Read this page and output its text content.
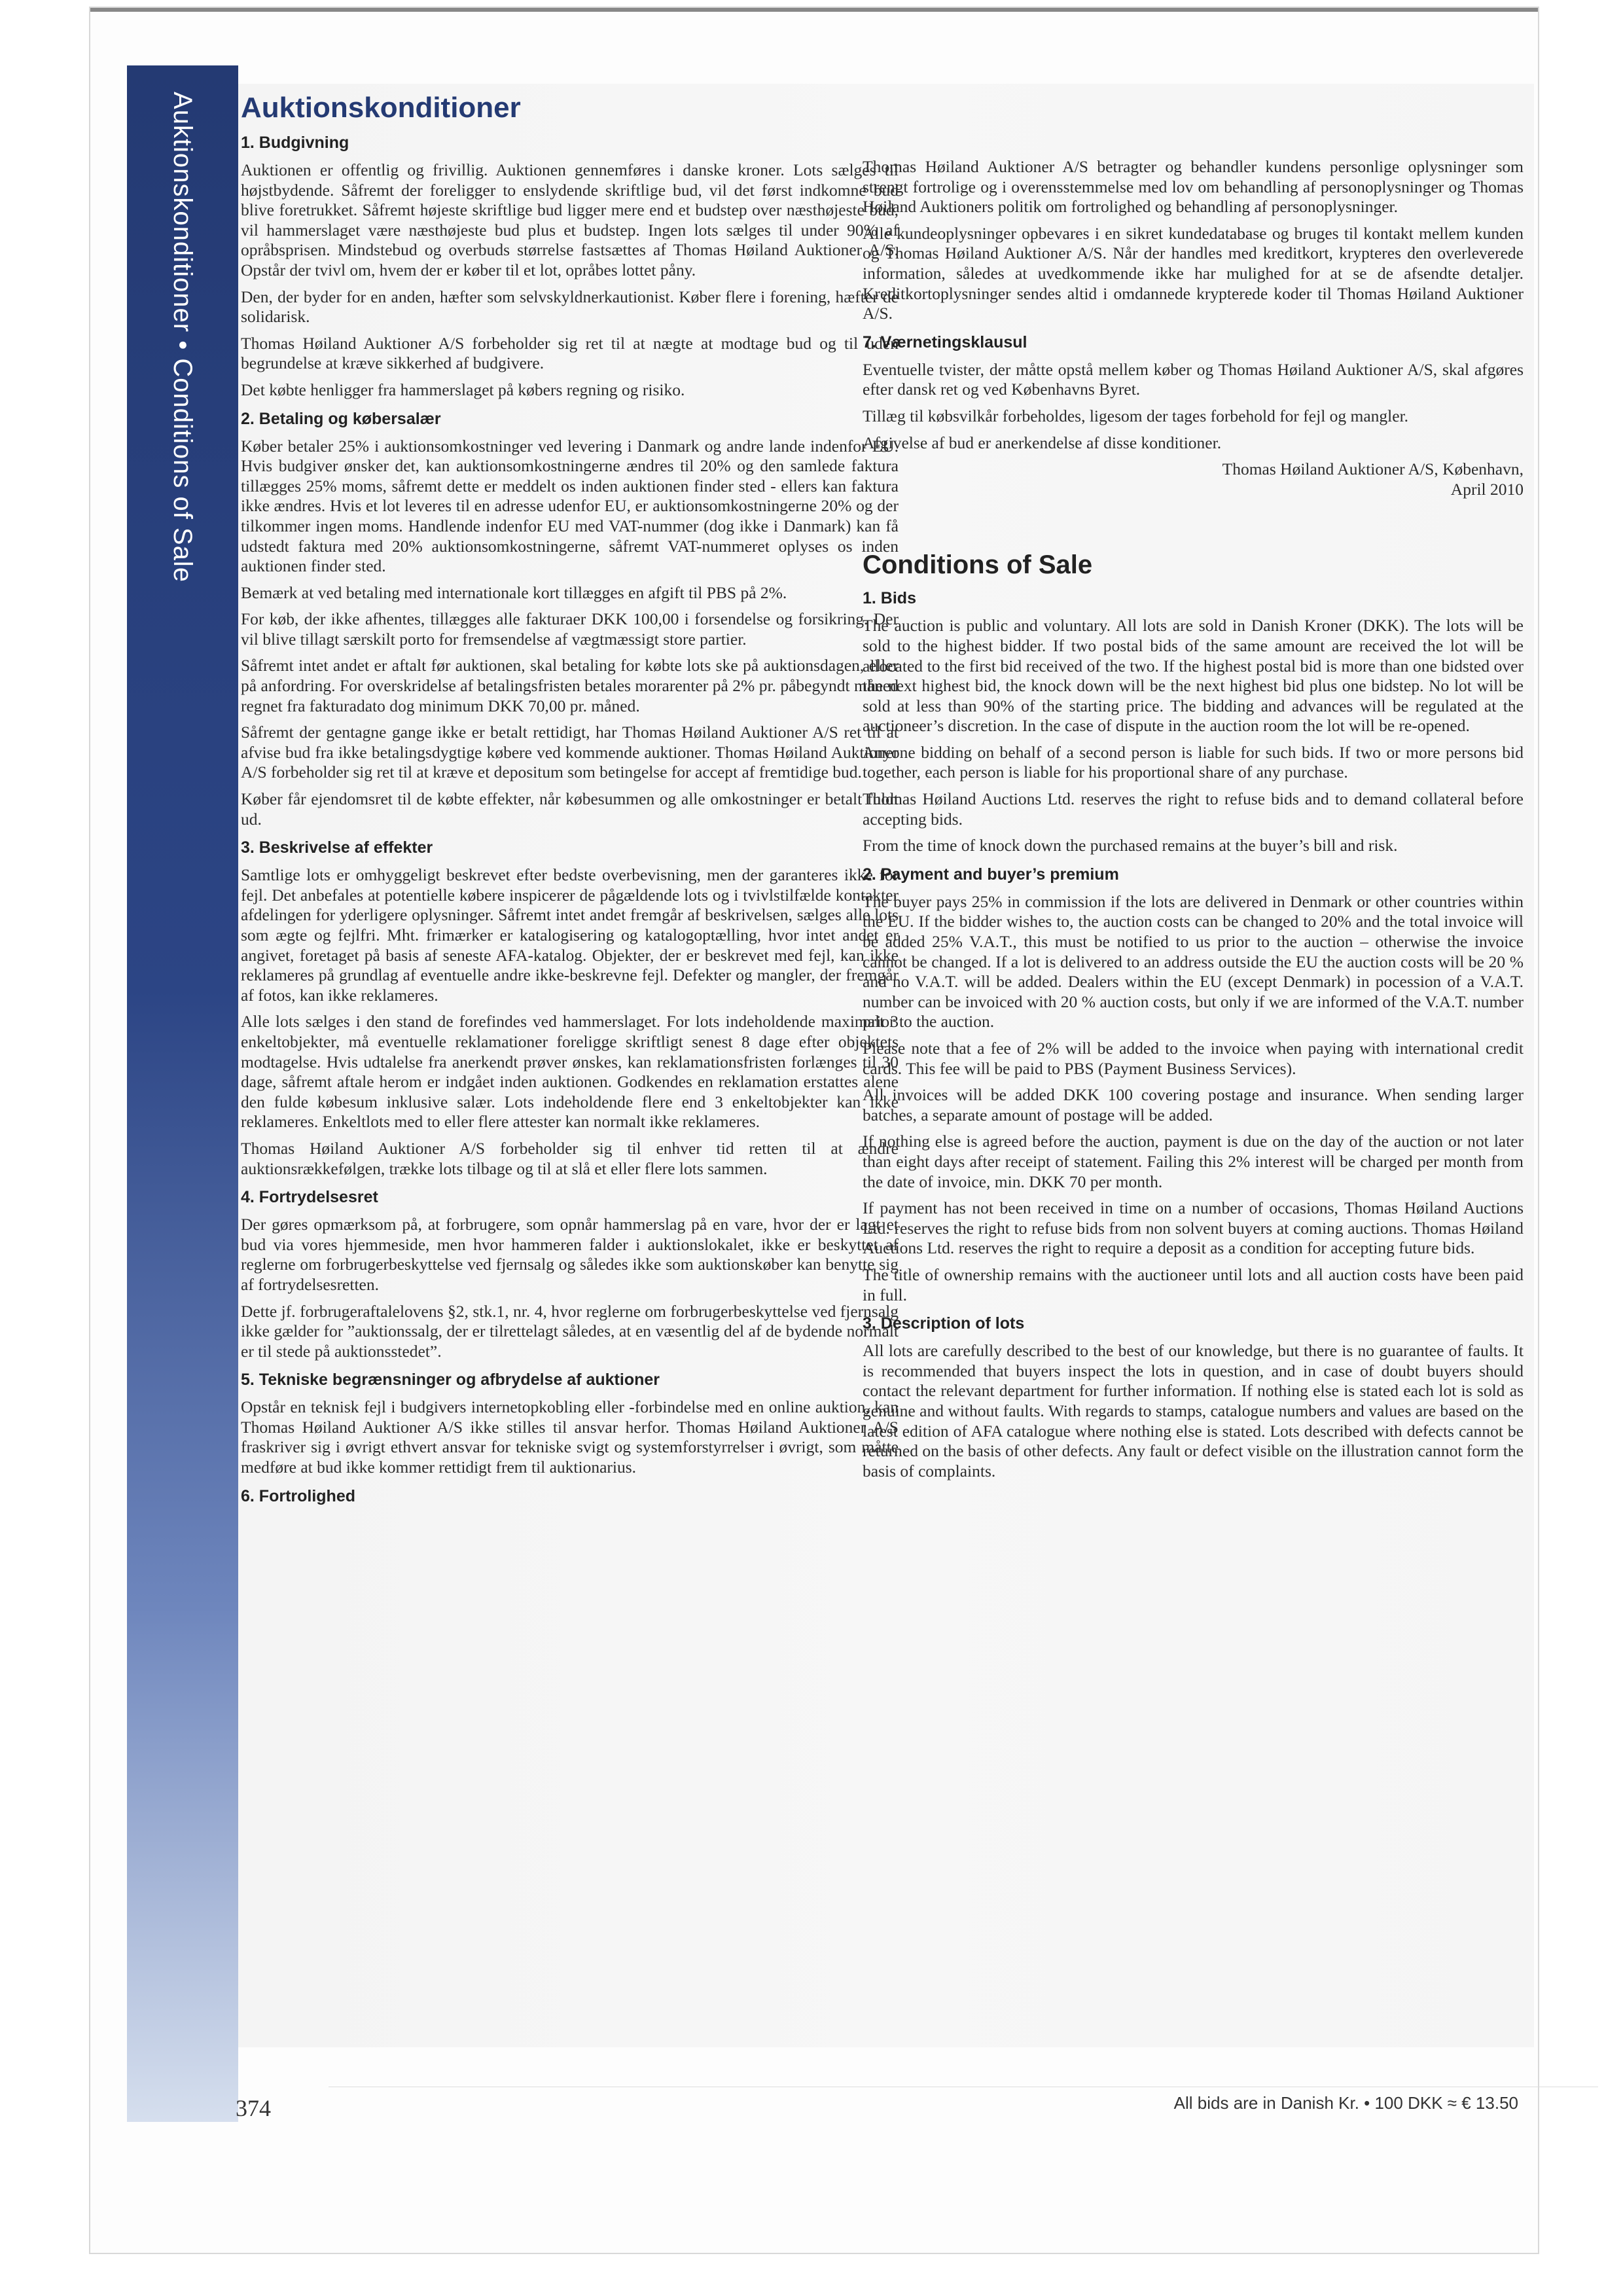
Auktionskonditioner • Conditions of Sale	Auktionskonditioner
1. Budgivning

Auktionen er offentlig og frivillig. Auktionen gennemføres i danske kroner. Lots sælges til højstbydende. Såfremt der foreligger to enslydende skriftlige bud, vil det først indkomne bud blive foretrukket. Såfremt højeste skriftlige bud ligger mere end et budstep over næsthøjeste bud, vil hammerslaget være næsthøjeste bud plus et budstep. Ingen lots sælges til under 90% af opråbsprisen. Mindstebud og overbuds størrelse fastsættes af Thomas Høiland Auktioner A/S. Opstår der tvivl om, hvem der er køber til et lot, opråbes lottet påny.

Den, der byder for en anden, hæfter som selvskyldnerkautionist. Køber flere i forening, hæfter de solidarisk.

Thomas Høiland Auktioner A/S forbeholder sig ret til at nægte at modtage bud og til uden begrundelse at kræve sikkerhed af budgivere.

Det købte henligger fra hammerslaget på købers regning og risiko.

2. Betaling og købersalær

Køber betaler 25% i auktionsomkostninger ved levering i Danmark og andre lande indenfor EU. Hvis budgiver ønsker det, kan auktionsomkostningerne ændres til 20% og den samlede faktura tillægges 25% moms, såfremt dette er meddelt os inden auktionen finder sted - ellers kan faktura ikke ændres. Hvis et lot leveres til en adresse udenfor EU, er auktionsomkostningerne 20% og der tilkommer ingen moms. Handlende indenfor EU med VAT-nummer (dog ikke i Danmark) kan få udstedt faktura med 20% auktionsomkostningerne, såfremt VAT-nummeret oplyses os inden auktionen finder sted.

Bemærk at ved betaling med internationale kort tillægges en afgift til PBS på 2%.

For køb, der ikke afhentes, tillægges alle fakturaer DKK 100,00 i forsendelse og forsikring. Der vil blive tillagt særskilt porto for fremsendelse af vægtmæssigt store partier.

Såfremt intet andet er aftalt før auktionen, skal betaling for købte lots ske på auktionsdagen, eller på anfordring. For overskridelse af betalingsfristen betales morarenter på 2% pr. påbegyndt måned regnet fra fakturadato dog minimum DKK 70,00 pr. måned.

Såfremt der gentagne gange ikke er betalt rettidigt, har Thomas Høiland Auktioner A/S ret til at afvise bud fra ikke betalingsdygtige købere ved kommende auktioner. Thomas Høiland Auktioner A/S forbeholder sig ret til at kræve et depositum som betingelse for accept af fremtidige bud.

Køber får ejendomsret til de købte effekter, når købesummen og alle omkostninger er betalt fuldt ud.

3. Beskrivelse af effekter

Samtlige lots er omhyggeligt beskrevet efter bedste overbevisning, men der garanteres ikke for fejl. Det anbefales at potentielle købere inspicerer de pågældende lots og i tvivlstilfælde kontakter afdelingen for yderligere oplysninger. Såfremt intet andet fremgår af beskrivelsen, sælges alle lots som ægte og fejlfri. Mht. frimærker er katalogisering og katalogoptælling, hvor intet andet er angivet, foretaget på basis af seneste AFA-katalog. Objekter, der er beskrevet med fejl, kan ikke reklameres på grundlag af eventuelle andre ikke-beskrevne fejl. Defekter og mangler, der fremgår af fotos, kan ikke reklameres.

Alle lots sælges i den stand de forefindes ved hammerslaget. For lots indeholdende maximalt 3 enkeltobjekter, må eventuelle reklamationer foreligge skriftligt senest 8 dage efter objektets modtagelse. Hvis udtalelse fra anerkendt prøver ønskes, kan reklamationsfristen forlænges til 30 dage, såfremt aftale herom er indgået inden auktionen. Godkendes en reklamation erstattes alene den fulde købesum inklusive salær. Lots indeholdende flere end 3 enkeltobjekter kan ikke reklameres. Enkeltlots med to eller flere attester kan normalt ikke reklameres.

Thomas Høiland Auktioner A/S forbeholder sig til enhver tid retten til at ændre auktionsrækkefølgen, trække lots tilbage og til at slå et eller flere lots sammen.

4. Fortrydelsesret

Der gøres opmærksom på, at forbrugere, som opnår hammerslag på en vare, hvor der er lagt et bud via vores hjemmeside, men hvor hammeren falder i auktionslokalet, ikke er beskyttet af reglerne om forbrugerbeskyttelse ved fjernsalg og således ikke som auktionskøber kan benytte sig af fortrydelsesretten.

Dette jf. forbrugeraftalelovens §2, stk.1, nr. 4, hvor reglerne om forbrugerbeskyttelse ved fjernsalg ikke gælder for ”auktionssalg, der er tilrettelagt således, at en væsentlig del af de bydende normalt er til stede på auktionsstedet”.

5. Tekniske begrænsninger og afbrydelse af auktioner

Opstår en teknisk fejl i budgivers internetopkobling eller -forbindelse med en online auktion, kan Thomas Høiland Auktioner A/S ikke stilles til ansvar herfor. Thomas Høiland Auktioner A/S fraskriver sig i øvrigt ethvert ansvar for tekniske svigt og systemforstyrrelser i øvrigt, som måtte medføre at bud ikke kommer rettidigt frem til auktionarius.

6. Fortrolighed

Thomas Høiland Auktioner A/S betragter og behandler kundens personlige oplysninger som strengt fortrolige og i overensstemmelse med lov om behandling af personoplysninger og Thomas Høiland Auktioners politik om fortrolighed og behandling af personoplysninger.

Alle kundeoplysninger opbevares i en sikret kundedatabase og bruges til kontakt mellem kunden og Thomas Høiland Auktioner A/S. Når der handles med kreditkort, krypteres den overleverede information, således at uvedkommende ikke har mulighed for at se de afsendte detaljer. Kreditkortoplysninger sendes altid i omdannede krypterede koder til Thomas Høiland Auktioner A/S.

7. Værnetingsklausul

Eventuelle tvister, der måtte opstå mellem køber og Thomas Høiland Auktioner A/S, skal afgøres efter dansk ret og ved Københavns Byret.

Tillæg til købsvilkår forbeholdes, ligesom der tages forbehold for fejl og mangler.

Afgivelse af bud er anerkendelse af disse konditioner.

Thomas Høiland Auktioner A/S, København,

April 2010

Conditions of Sale
1. Bids

The auction is public and voluntary. All lots are sold in Danish Kroner (DKK). The lots will be sold to the highest bidder. If two postal bids of the same amount are received the lot will be allocated to the first bid received of the two. If the highest postal bid is more than one bidsted over the next highest bid, the knock down will be the next highest bid plus one bidstep. No lot will be sold at less than 90% of the starting price. The bidding and advances will be regulated at the auctioneer’s discretion. In the case of dispute in the auction room the lot will be re-opened.

Anyone bidding on behalf of a second person is liable for such bids. If two or more persons bid together, each person is liable for his proportional share of any purchase.

Thomas Høiland Auctions Ltd. reserves the right to refuse bids and to demand collateral before accepting bids.

From the time of knock down the purchased remains at the buyer’s bill and risk.

2. Payment and buyer’s premium

The buyer pays 25% in commission if the lots are delivered in Denmark or other countries within the EU. If the bidder wishes to, the auction costs can be changed to 20% and the total invoice will be added 25% V.A.T., this must be notified to us prior to the auction – otherwise the invoice cannot be changed. If a lot is delivered to an address outside the EU the auction costs will be 20 % and no V.A.T. will be added. Dealers within the EU (except Denmark) in pocession of a V.A.T. number can be invoiced with 20 % auction costs, but only if we are informed of the V.A.T. number prior to the auction.

Please note that a fee of 2% will be added to the invoice when paying with international credit cards. This fee will be paid to PBS (Payment Business Services).

All invoices will be added DKK 100 covering postage and insurance. When sending larger batches, a separate amount of postage will be added.

If nothing else is agreed before the auction, payment is due on the day of the auction or not later than eight days after receipt of statement. Failing this 2% interest will be charged per month from the date of invoice, min. DKK 70 per month.

If payment has not been received in time on a number of occasions, Thomas Høiland Auctions Ltd. reserves the right to refuse bids from non solvent buyers at coming auctions. Thomas Høiland Auctions Ltd. reserves the right to require a deposit as a condition for accepting future bids.

The title of ownership remains with the auctioneer until lots and all auction costs have been paid in full.

3. Description of lots

All lots are carefully described to the best of our knowledge, but there is no guarantee of faults. It is recommended that buyers inspect the lots in question, and in case of doubt buyers should contact the relevant department for further information. If nothing else is stated each lot is sold as genuine and without faults. With regards to stamps, catalogue numbers and values are based on the latest edition of AFA catalogue where nothing else is stated. Lots described with defects cannot be returned on the basis of other defects. Any fault or defect visible on the illustration cannot form the basis of complaints.

374	All bids are in Danish Kr. • 100 DKK ≈ € 13.50
